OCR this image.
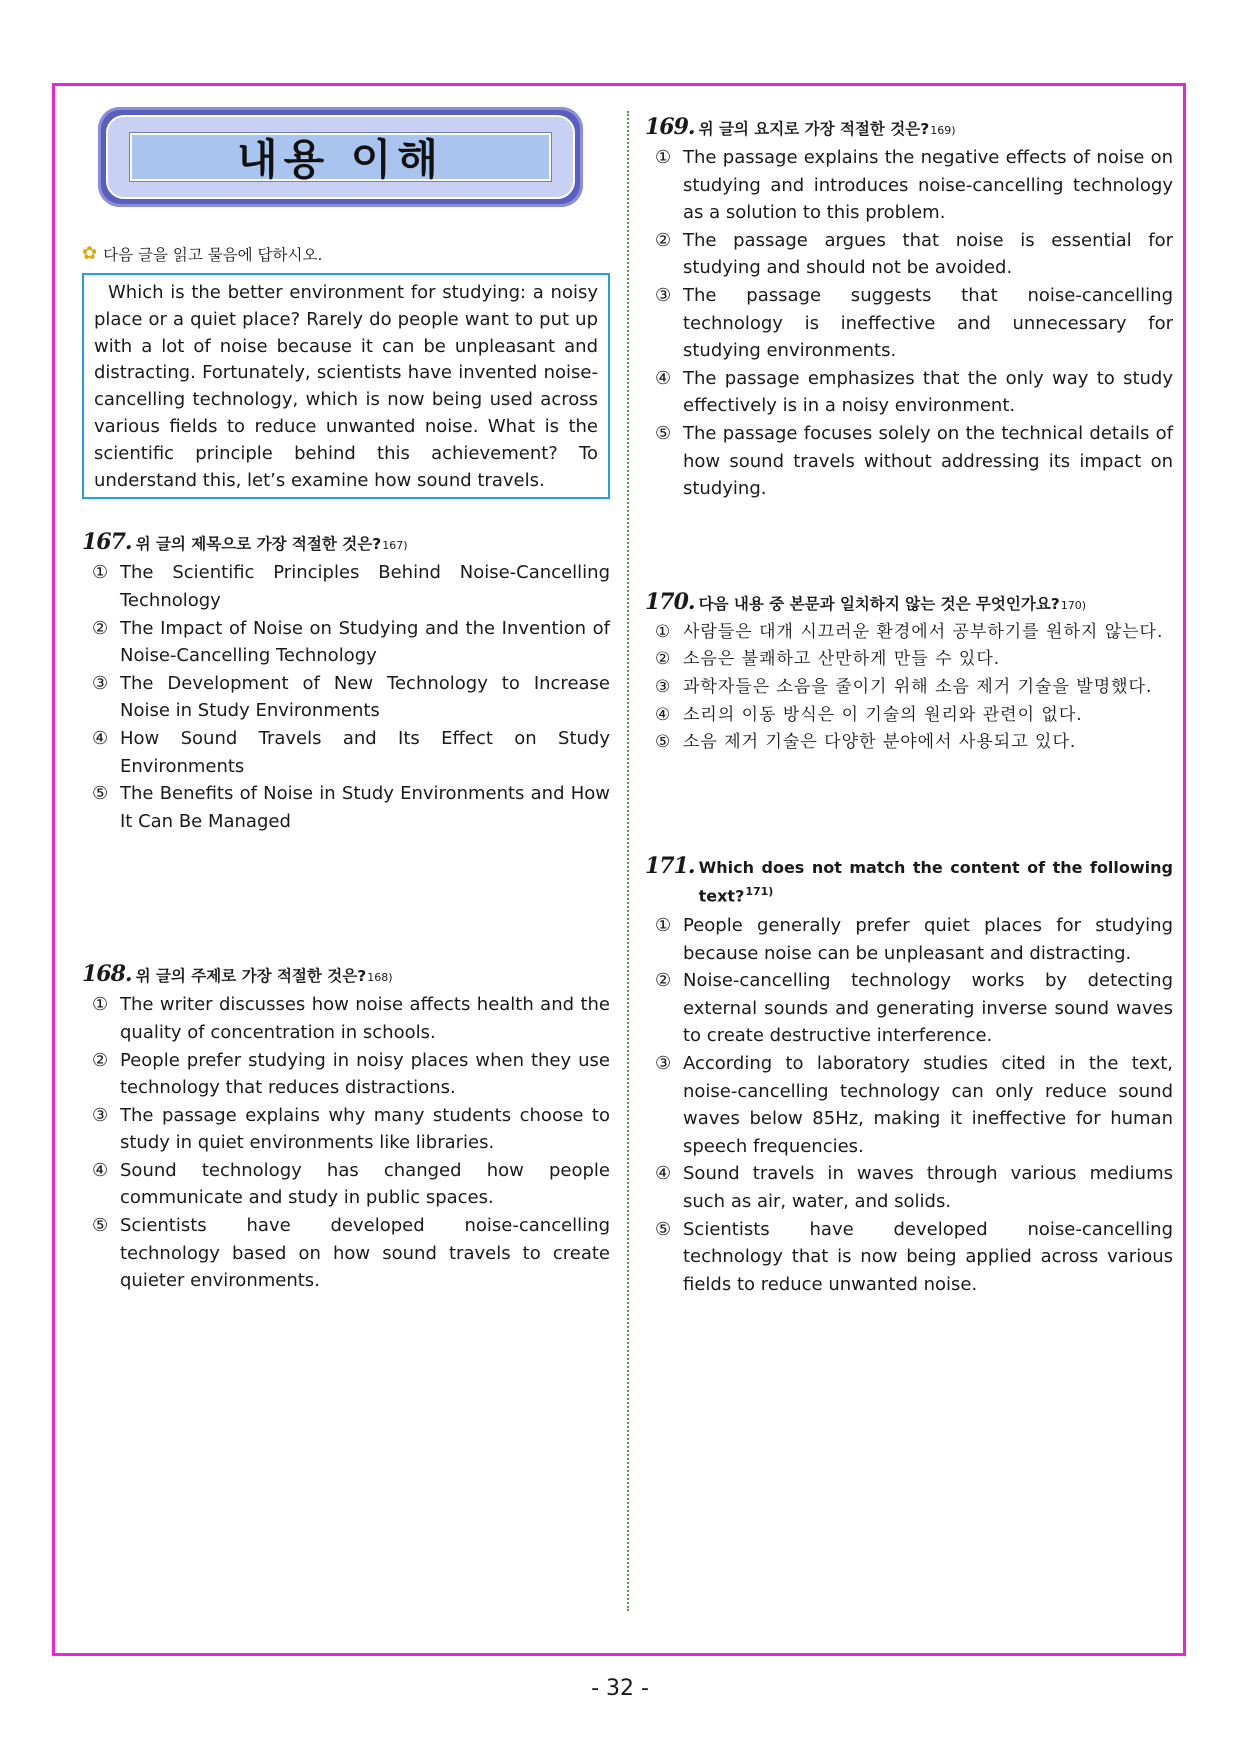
내용 이해
✿ 다음 글을 읽고 물음에 답하시오.

Which is the better environment for studying: a noisy place or a quiet place? Rarely do people want to put up with a lot of noise because it can be unpleasant and distracting. Fortunately, scientists have invented noise-cancelling technology, which is now being used across various fields to reduce unwanted noise. What is the scientific principle behind this achievement? To understand this, let’s examine how sound travels.

167. 위 글의 제목으로 가장 적절한 것은? 167)
① The Scientific Principles Behind Noise-Cancelling Technology
② The Impact of Noise on Studying and the Invention of Noise-Cancelling Technology
③ The Development of New Technology to Increase Noise in Study Environments
④ How Sound Travels and Its Effect on Study Environments
⑤ The Benefits of Noise in Study Environments and How It Can Be Managed
168. 위 글의 주제로 가장 적절한 것은? 168)
① The writer discusses how noise affects health and the quality of concentration in schools.
② People prefer studying in noisy places when they use technology that reduces distractions.
③ The passage explains why many students choose to study in quiet environments like libraries.
④ Sound technology has changed how people communicate and study in public spaces.
⑤ Scientists have developed noise-cancelling technology based on how sound travels to create quieter environments.
169. 위 글의 요지로 가장 적절한 것은? 169)
① The passage explains the negative effects of noise on studying and introduces noise-cancelling technology as a solution to this problem.
② The passage argues that noise is essential for studying and should not be avoided.
③ The passage suggests that noise-cancelling technology is ineffective and unnecessary for studying environments.
④ The passage emphasizes that the only way to study effectively is in a noisy environment.
⑤ The passage focuses solely on the technical details of how sound travels without addressing its impact on studying.
170. 다음 내용 중 본문과 일치하지 않는 것은 무엇인가요? 170)
① 사람들은 대개 시끄러운 환경에서 공부하기를 원하지 않는다.
② 소음은 불쾌하고 산만하게 만들 수 있다.
③ 과학자들은 소음을 줄이기 위해 소음 제거 기술을 발명했다.
④ 소리의 이동 방식은 이 기술의 원리와 관련이 없다.
⑤ 소음 제거 기술은 다양한 분야에서 사용되고 있다.
171. Which does not match the content of the following text?$^{171)}$
① People generally prefer quiet places for studying because noise can be unpleasant and distracting.
② Noise-cancelling technology works by detecting external sounds and generating inverse sound waves to create destructive interference.
③ According to laboratory studies cited in the text, noise-cancelling technology can only reduce sound waves below 85Hz, making it ineffective for human speech frequencies.
④ Sound travels in waves through various mediums such as air, water, and solids.
⑤ Scientists have developed noise-cancelling technology that is now being applied across various fields to reduce unwanted noise.
- 32 -
